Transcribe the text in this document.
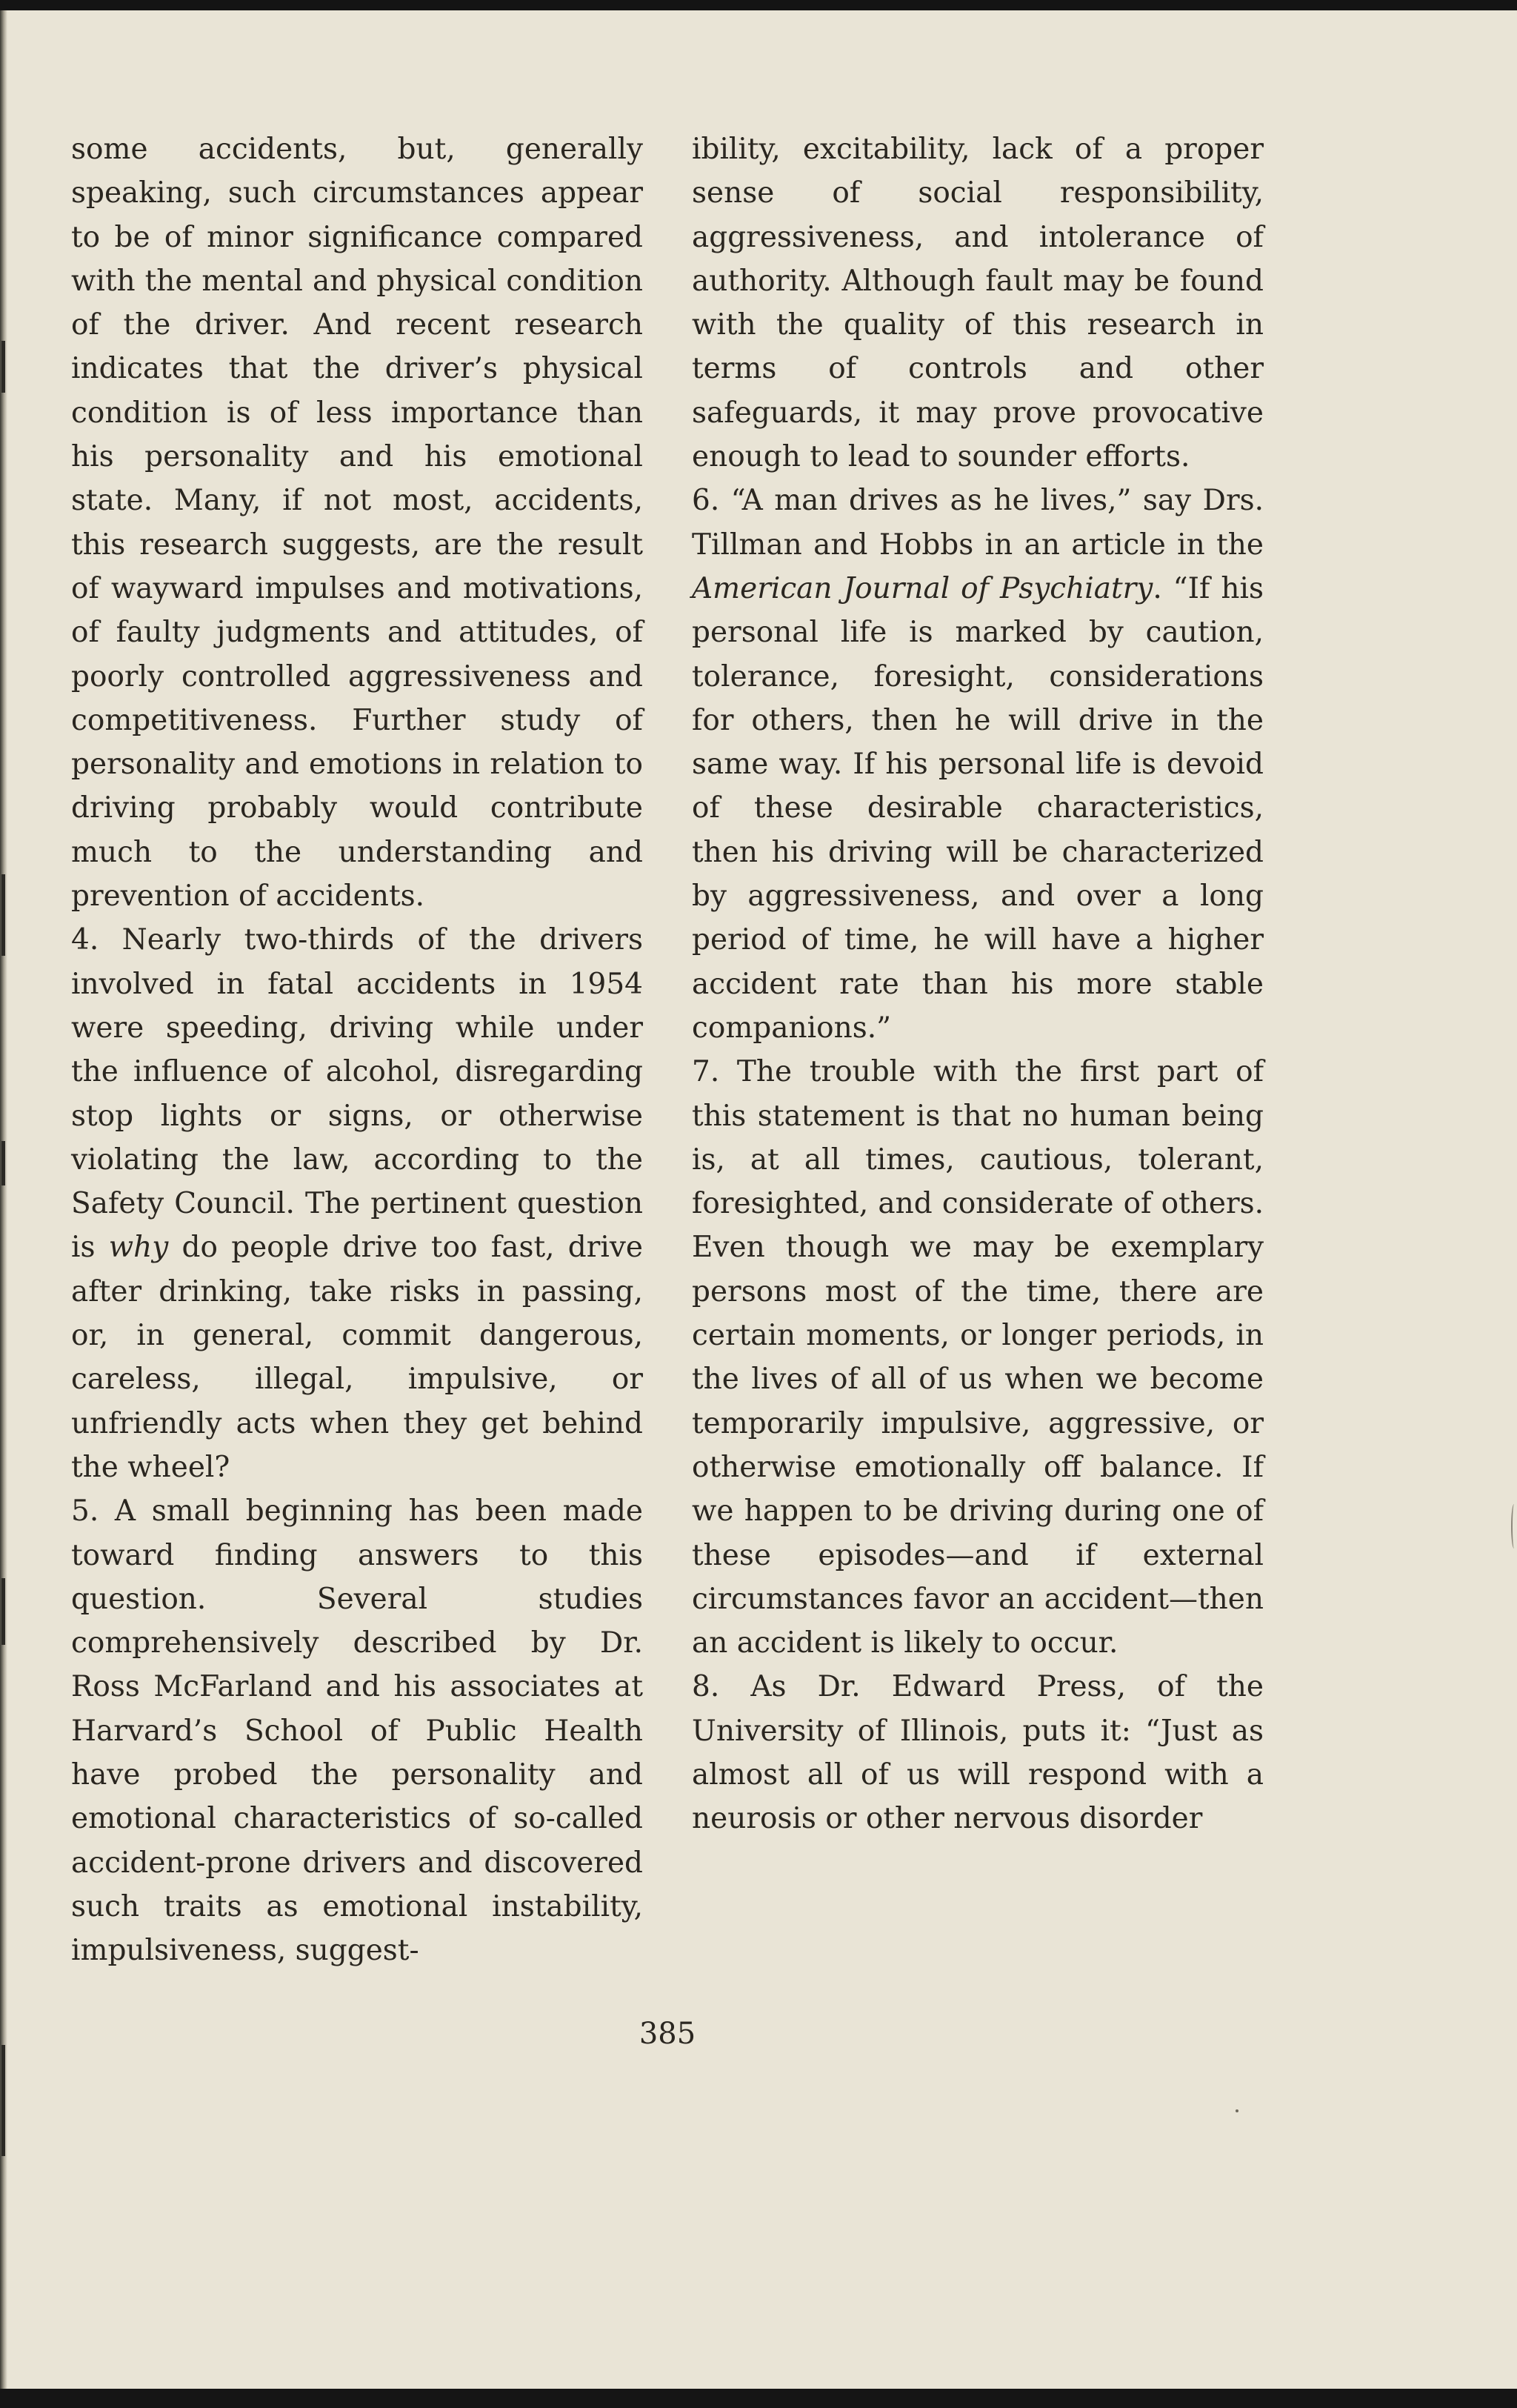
some accidents, but, generally speaking, such circumstances appear to be of minor significance compared with the mental and physical condition of the driver. And recent research indicates that the driver’s physical condition is of less importance than his personality and his emotional state. Many, if not most, accidents, this research suggests, are the result of wayward impulses and motivations, of faulty judgments and attitudes, of poorly controlled aggressiveness and competitiveness. Further study of personality and emotions in relation to driving probably would contribute much to the understanding and prevention of accidents.

4. Nearly two-thirds of the drivers involved in fatal accidents in 1954 were speeding, driving while under the influence of alcohol, disregarding stop lights or signs, or otherwise violating the law, according to the Safety Council. The pertinent question is why do people drive too fast, drive after drinking, take risks in passing, or, in general, commit dangerous, careless, illegal, impulsive, or unfriendly acts when they get behind the wheel?

5. A small beginning has been made toward finding answers to this question. Several studies comprehensively described by Dr. Ross McFarland and his associates at Harvard’s School of Public Health have probed the personality and emotional characteristics of so-called accident-prone drivers and discovered such traits as emotional instability, impulsiveness, suggest-

ibility, excitability, lack of a proper sense of social responsibility, aggressiveness, and intolerance of authority. Although fault may be found with the quality of this research in terms of controls and other safeguards, it may prove provocative enough to lead to sounder efforts.

6. “A man drives as he lives,” say Drs. Tillman and Hobbs in an article in the American Journal of Psychiatry. “If his personal life is marked by caution, tolerance, foresight, considerations for others, then he will drive in the same way. If his personal life is devoid of these desirable characteristics, then his driving will be characterized by aggressiveness, and over a long period of time, he will have a higher accident rate than his more stable companions.”

7. The trouble with the first part of this statement is that no human being is, at all times, cautious, tolerant, foresighted, and considerate of others. Even though we may be exemplary persons most of the time, there are certain moments, or longer periods, in the lives of all of us when we become temporarily impulsive, aggressive, or otherwise emotionally off balance. If we happen to be driving during one of these episodes—and if external circumstances favor an accident—then an accident is likely to occur.

8. As Dr. Edward Press, of the University of Illinois, puts it: “Just as almost all of us will respond with a neurosis or other nervous disorder

385
